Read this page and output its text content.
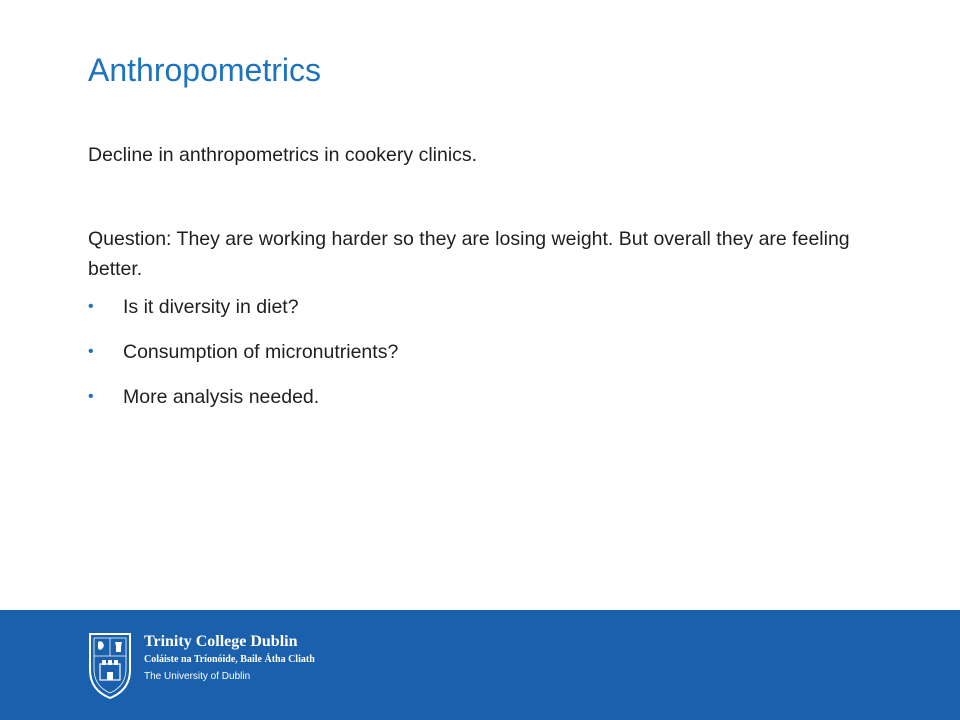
Anthropometrics

Decline in anthropometrics in cookery clinics.

Question: They are working harder so they are losing weight. But overall they are feeling better.

• Is it diversity in diet?
• Consumption of micronutrients?
• More analysis needed.
Trinity College Dublin
Coláiste na Tríonóide, Baile Átha Cliath
The University of Dublin
